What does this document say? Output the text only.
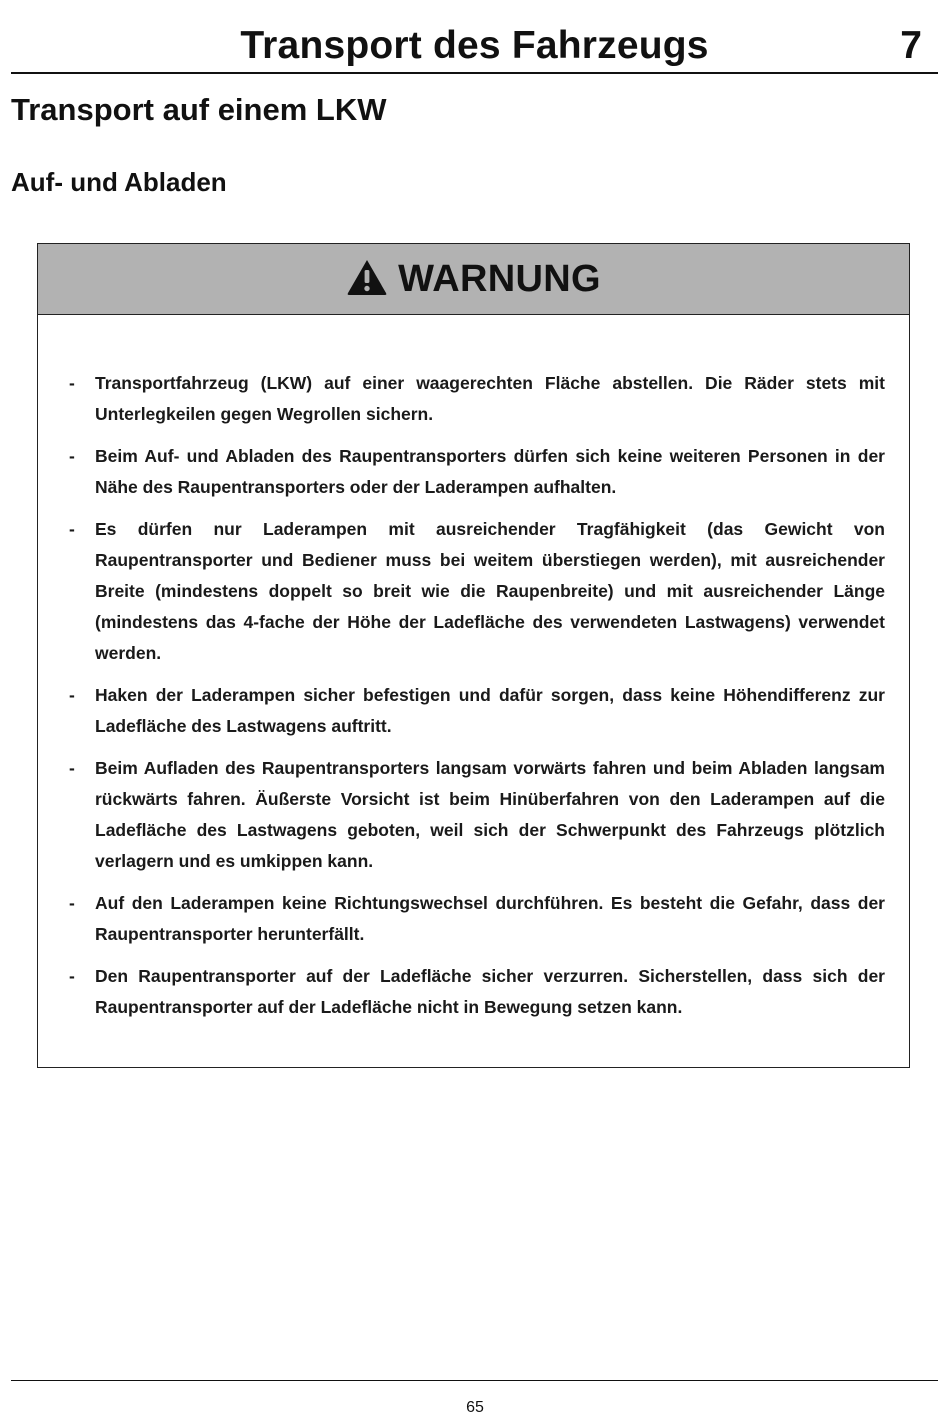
Transport des Fahrzeugs	7
Transport auf einem LKW
Auf- und Abladen
WARNUNG
- Transportfahrzeug (LKW) auf einer waagerechten Fläche abstellen. Die Räder stets mit Unterlegkeilen gegen Wegrollen sichern.
- Beim Auf- und Abladen des Raupentransporters dürfen sich keine weiteren Personen in der Nähe des Raupentransporters oder der Laderampen aufhalten.
- Es dürfen nur Laderampen mit ausreichender Tragfähigkeit (das Gewicht von Raupentransporter und Bediener muss bei weitem überstiegen werden), mit ausreichender Breite (mindestens doppelt so breit wie die Raupenbreite) und mit ausreichender Länge (mindestens das 4-fache der Höhe der Ladefläche des verwendeten Lastwagens) verwendet werden.
- Haken der Laderampen sicher befestigen und dafür sorgen, dass keine Höhendifferenz zur Ladefläche des Lastwagens auftritt.
- Beim Aufladen des Raupentransporters langsam vorwärts fahren und beim Abladen langsam rückwärts fahren. Äußerste Vorsicht ist beim Hinüberfahren von den Laderampen auf die Ladefläche des Lastwagens geboten, weil sich der Schwerpunkt des Fahrzeugs plötzlich verlagern und es umkippen kann.
- Auf den Laderampen keine Richtungswechsel durchführen. Es besteht die Gefahr, dass der Raupentransporter herunterfällt.
- Den Raupentransporter auf der Ladefläche sicher verzurren. Sicherstellen, dass sich der Raupentransporter auf der Ladefläche nicht in Bewegung setzen kann.
65
